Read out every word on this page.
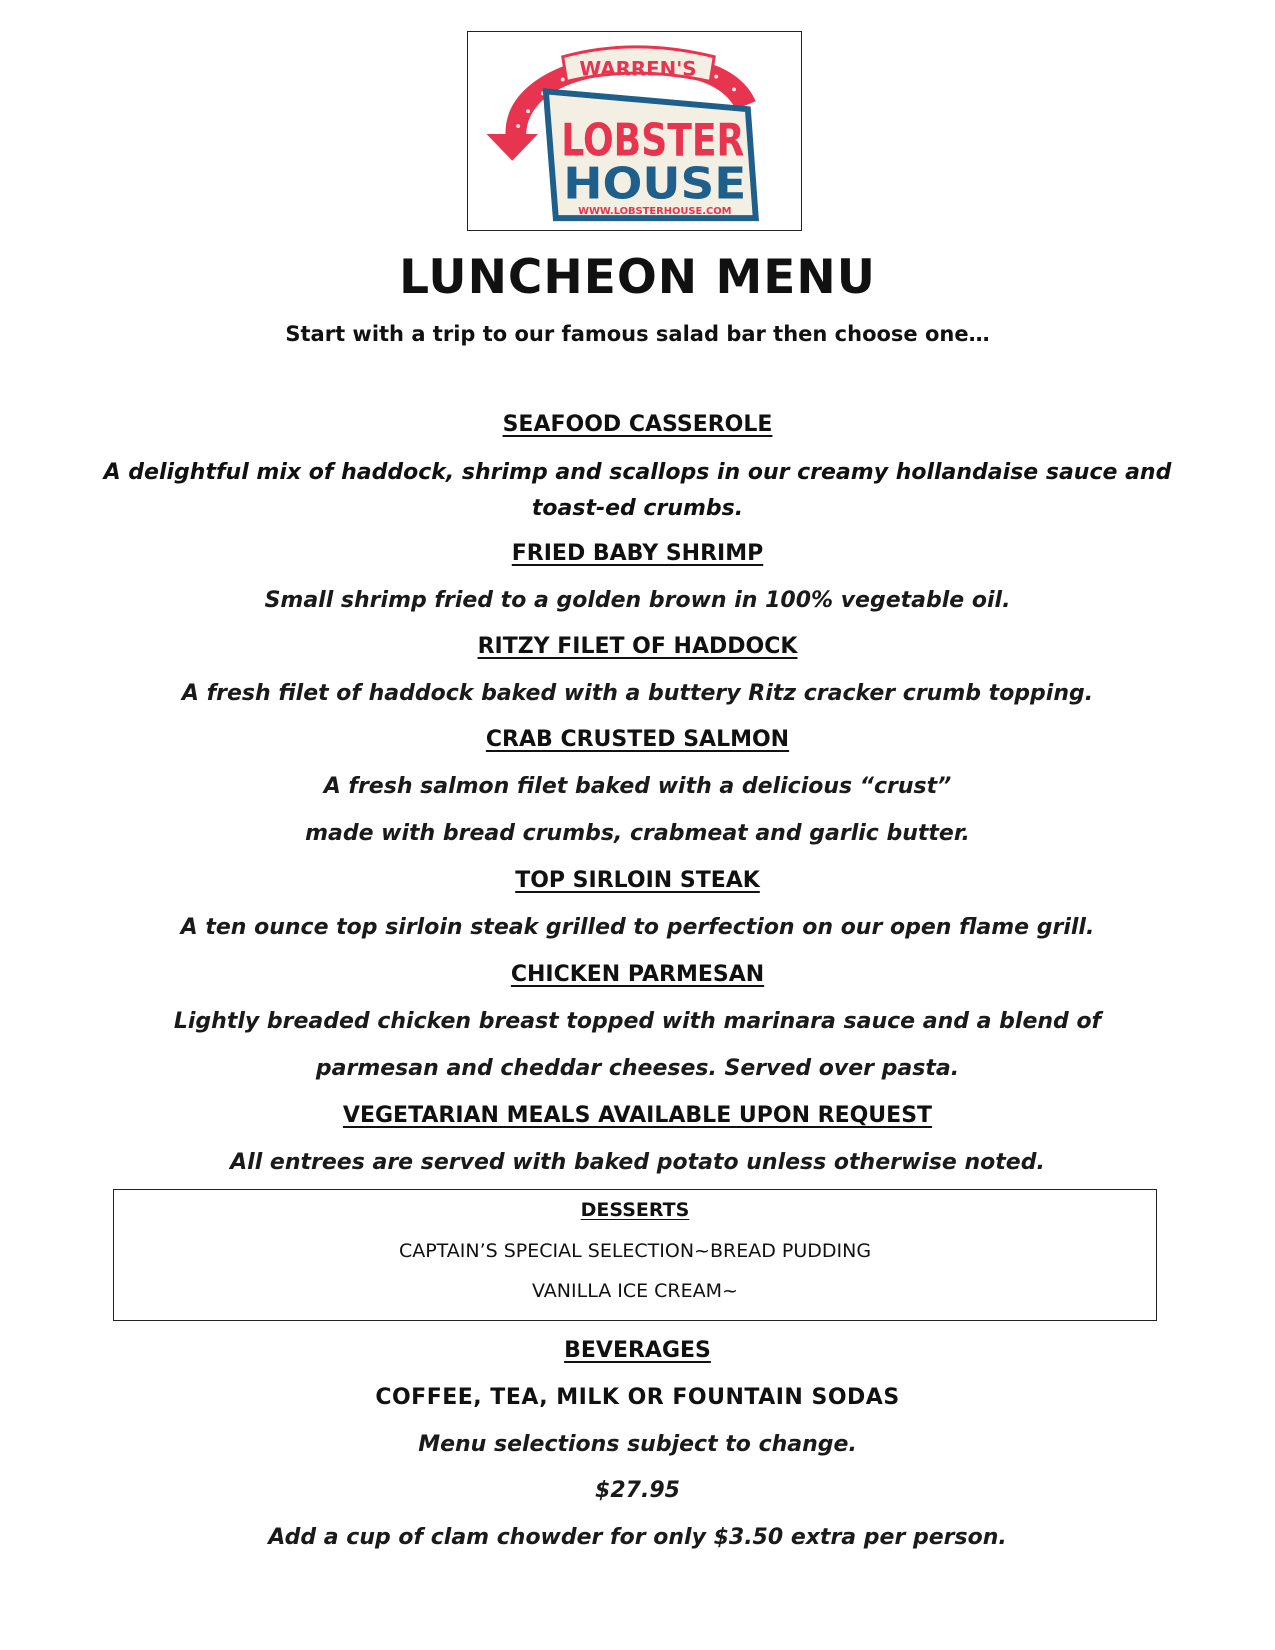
WARREN'S
LOBSTER
HOUSE
WWW.LOBSTERHOUSE.COM
LUNCHEON MENU
Start with a trip to our famous salad bar then choose one…
SEAFOOD CASSEROLE
A delightful mix of haddock, shrimp and scallops in our creamy hollandaise sauce and toast-ed crumbs.
FRIED BABY SHRIMP
Small shrimp fried to a golden brown in 100% vegetable oil.
RITZY FILET OF HADDOCK
A fresh filet of haddock baked with a buttery Ritz cracker crumb topping.
CRAB CRUSTED SALMON
A fresh salmon filet baked with a delicious “crust”
made with bread crumbs, crabmeat and garlic butter.
TOP SIRLOIN STEAK
A ten ounce top sirloin steak grilled to perfection on our open flame grill.
CHICKEN PARMESAN
Lightly breaded chicken breast topped with marinara sauce and a blend of
parmesan and cheddar cheeses. Served over pasta.
VEGETARIAN MEALS AVAILABLE UPON REQUEST
All entrees are served with baked potato unless otherwise noted.
DESSERTS
CAPTAIN’S SPECIAL SELECTION~BREAD PUDDING
VANILLA ICE CREAM~
BEVERAGES
COFFEE, TEA, MILK OR FOUNTAIN SODAS
Menu selections subject to change.
$27.95
Add a cup of clam chowder for only $3.50 extra per person.
